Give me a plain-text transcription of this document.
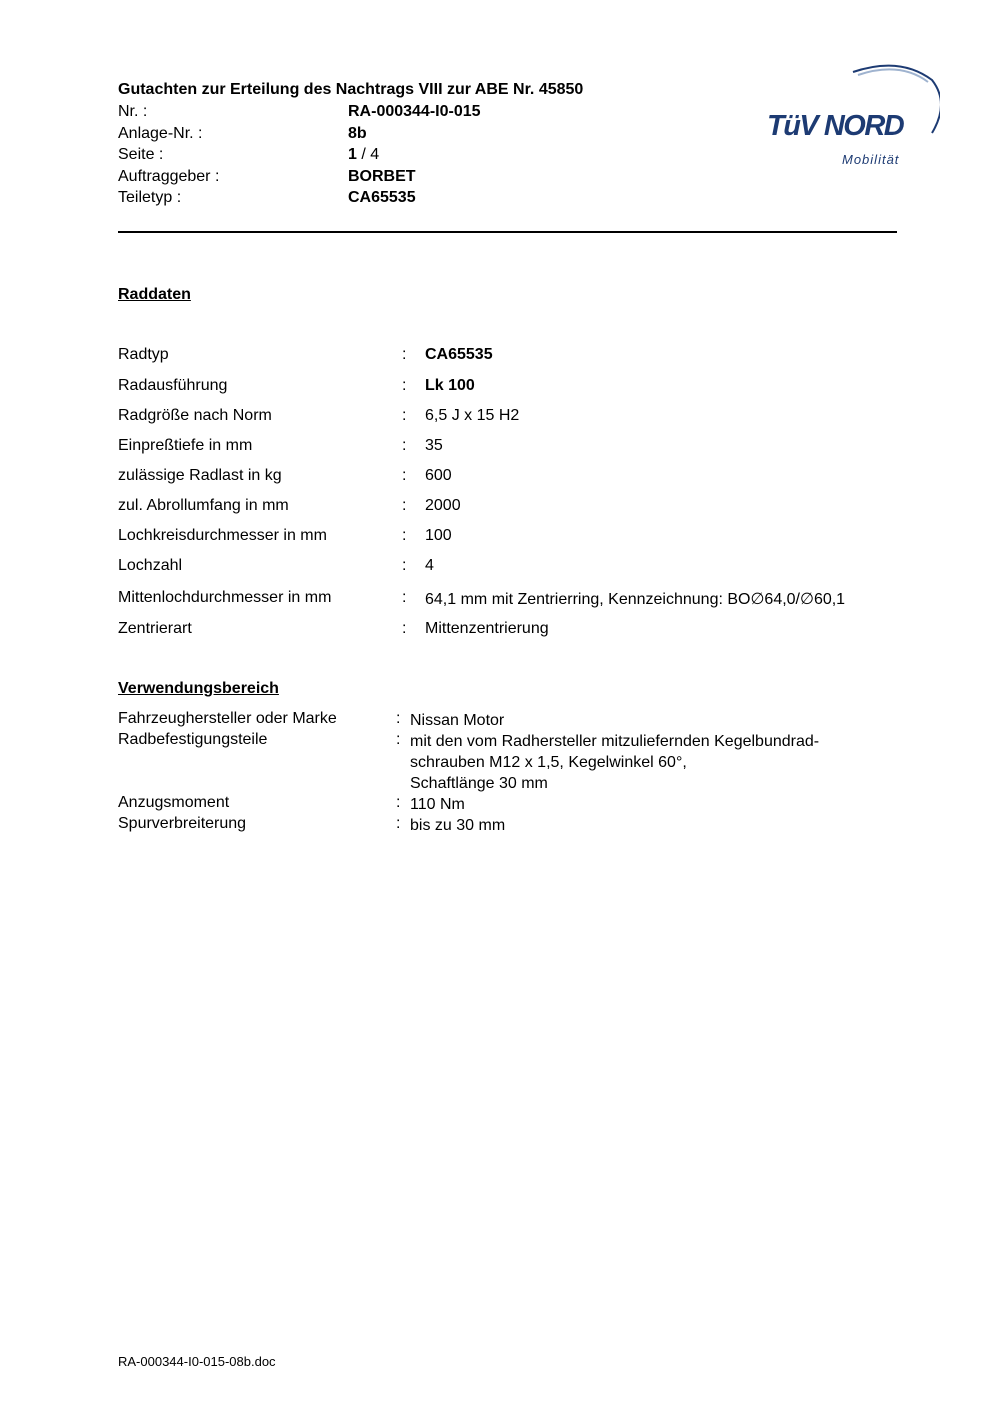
Gutachten zur Erteilung des Nachtrags VIII zur ABE Nr. 45850
Nr. :	RA-000344-I0-015
Anlage-Nr. :	8b
Seite :	1 / 4
Auftraggeber :	BORBET
Teiletyp :	CA65535
TüV NORD
Mobilität
Raddaten
Radtyp	: CA65535
Radausführung	: Lk 100
Radgröße nach Norm	: 6,5 J x 15 H2
Einpreßtiefe in mm	: 35
zulässige Radlast in kg	: 600
zul. Abrollumfang in mm	: 2000
Lochkreisdurchmesser in mm	: 100
Lochzahl	: 4
Mittenlochdurchmesser in mm	: 64,1 mm mit Zentrierring, Kennzeichnung: BO∅64,0/∅60,1
Zentrierart	: Mittenzentrierung
Verwendungsbereich
Fahrzeughersteller oder Marke	: Nissan Motor
Radbefestigungsteile	: mit den vom Radhersteller mitzuliefernden Kegelbundrad-
schrauben M12 x 1,5, Kegelwinkel 60°,
Schaftlänge 30 mm
Anzugsmoment	: 110 Nm
Spurverbreiterung	: bis zu 30 mm
RA-000344-I0-015-08b.doc
